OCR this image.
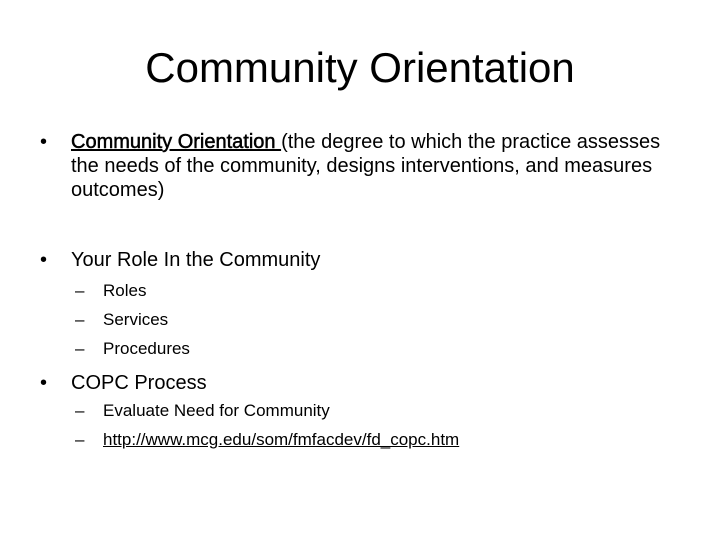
Community Orientation
• Community Orientation (the degree to which the practice assesses the needs of the community, designs interventions, and measures outcomes)
• Your Role In the Community
– Roles
– Services
– Procedures
• COPC Process
– Evaluate Need for Community
– http://www.mcg.edu/som/fmfacdev/fd_copc.htm
